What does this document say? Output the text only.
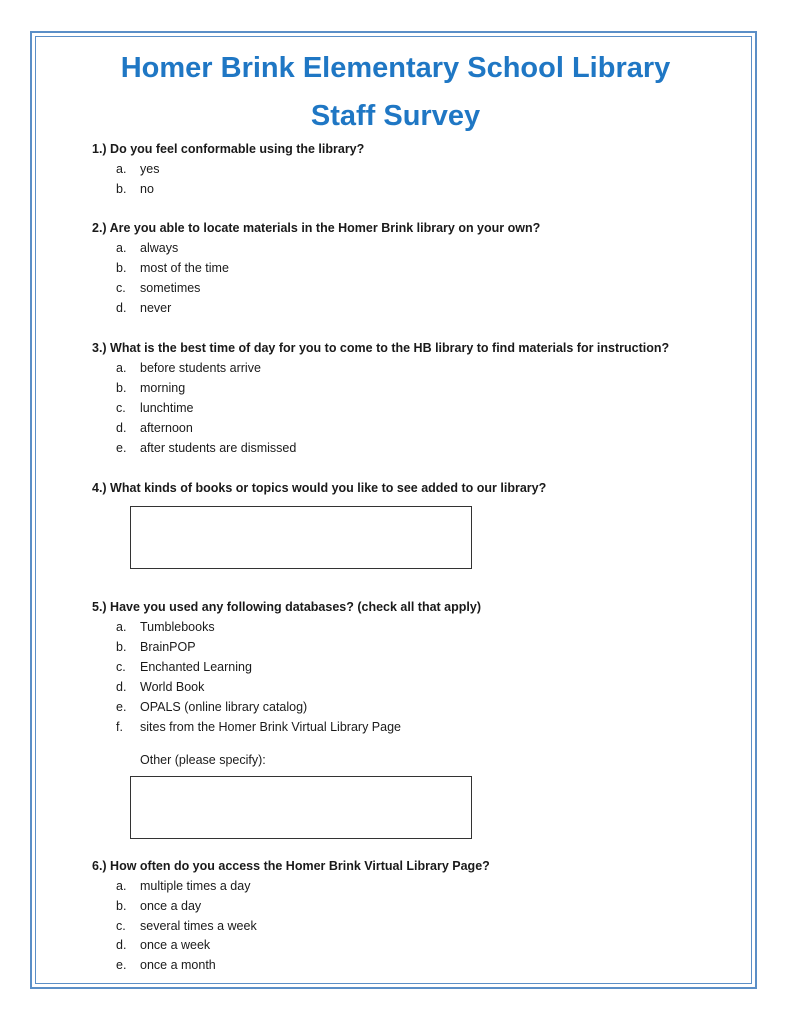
Homer Brink Elementary School Library
Staff Survey
1.) Do you feel conformable using the library?
a. yes
b. no
2.) Are you able to locate materials in the Homer Brink library on your own?
a. always
b. most of the time
c. sometimes
d. never
3.) What is the best time of day for you to come to the HB library to find materials for instruction?
a. before students arrive
b. morning
c. lunchtime
d. afternoon
e. after students are dismissed
4.) What kinds of books or topics would you like to see added to our library?
5.) Have you used any following databases? (check all that apply)
a. Tumblebooks
b. BrainPOP
c. Enchanted Learning
d. World Book
e. OPALS (online library catalog)
f. sites from the Homer Brink Virtual Library Page
Other (please specify):
6.) How often do you access the Homer Brink Virtual Library Page?
a. multiple times a day
b. once a day
c. several times a week
d. once a week
e. once a month
